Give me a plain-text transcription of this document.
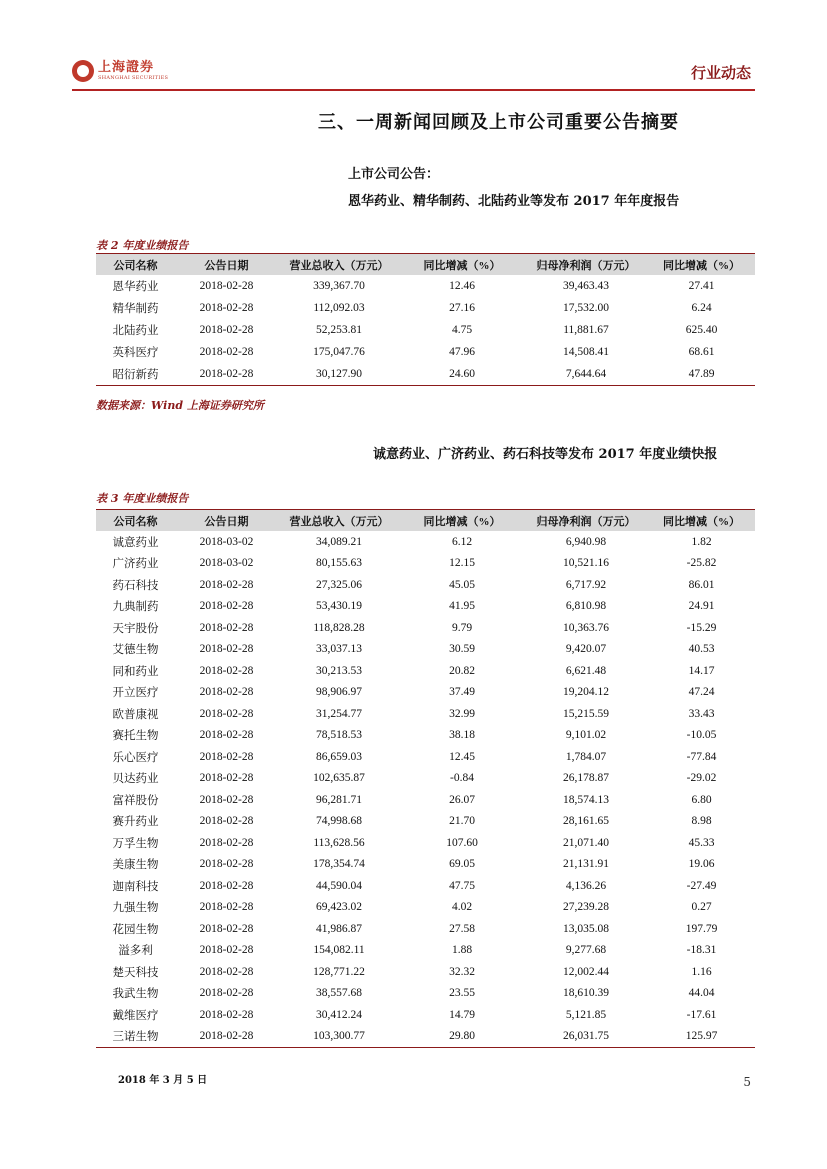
上海證券
SHANGHAI SECURITIES	行业动态
三、一周新闻回顾及上市公司重要公告摘要
上市公司公告：
恩华药业、精华制药、北陆药业等发布 2017 年年度报告
表 2 年度业绩报告
公司名称	公告日期	营业总收入（万元）	同比增减（%）	归母净利润（万元）	同比增减（%）
恩华药业	2018-02-28	339,367.70	12.46	39,463.43	27.41
精华制药	2018-02-28	112,092.03	27.16	17,532.00	6.24
北陆药业	2018-02-28	52,253.81	4.75	11,881.67	625.40
英科医疗	2018-02-28	175,047.76	47.96	14,508.41	68.61
昭衍新药	2018-02-28	30,127.90	24.60	7,644.64	47.89
数据来源：Wind 上海证券研究所
诚意药业、广济药业、药石科技等发布 2017 年度业绩快报
表 3 年度业绩报告
公司名称	公告日期	营业总收入（万元）	同比增减（%）	归母净利润（万元）	同比增减（%）
诚意药业	2018-03-02	34,089.21	6.12	6,940.98	1.82
广济药业	2018-03-02	80,155.63	12.15	10,521.16	-25.82
药石科技	2018-02-28	27,325.06	45.05	6,717.92	86.01
九典制药	2018-02-28	53,430.19	41.95	6,810.98	24.91
天宇股份	2018-02-28	118,828.28	9.79	10,363.76	-15.29
艾德生物	2018-02-28	33,037.13	30.59	9,420.07	40.53
同和药业	2018-02-28	30,213.53	20.82	6,621.48	14.17
开立医疗	2018-02-28	98,906.97	37.49	19,204.12	47.24
欧普康视	2018-02-28	31,254.77	32.99	15,215.59	33.43
赛托生物	2018-02-28	78,518.53	38.18	9,101.02	-10.05
乐心医疗	2018-02-28	86,659.03	12.45	1,784.07	-77.84
贝达药业	2018-02-28	102,635.87	-0.84	26,178.87	-29.02
富祥股份	2018-02-28	96,281.71	26.07	18,574.13	6.80
赛升药业	2018-02-28	74,998.68	21.70	28,161.65	8.98
万孚生物	2018-02-28	113,628.56	107.60	21,071.40	45.33
美康生物	2018-02-28	178,354.74	69.05	21,131.91	19.06
迦南科技	2018-02-28	44,590.04	47.75	4,136.26	-27.49
九强生物	2018-02-28	69,423.02	4.02	27,239.28	0.27
花园生物	2018-02-28	41,986.87	27.58	13,035.08	197.79
溢多利	2018-02-28	154,082.11	1.88	9,277.68	-18.31
楚天科技	2018-02-28	128,771.22	32.32	12,002.44	1.16
我武生物	2018-02-28	38,557.68	23.55	18,610.39	44.04
戴维医疗	2018-02-28	30,412.24	14.79	5,121.85	-17.61
三诺生物	2018-02-28	103,300.77	29.80	26,031.75	125.97
2018 年 3 月 5 日	5
